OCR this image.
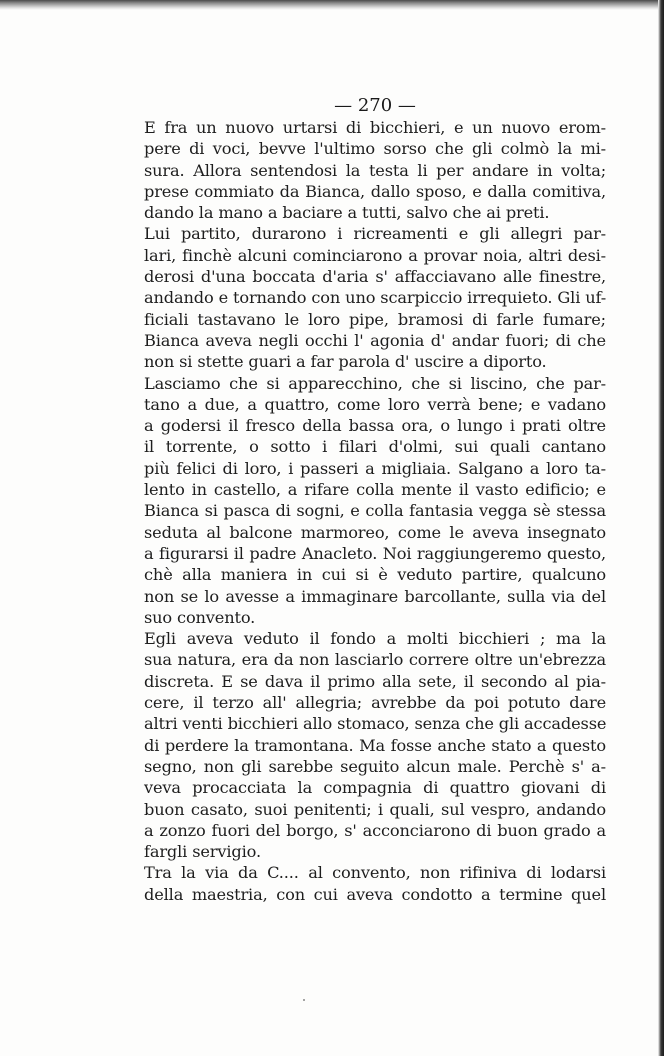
— 270 —

E fra un nuovo urtarsi di bicchieri, e un nuovo erom-
pere di voci, bevve l'ultimo sorso che gli colmò la mi-
sura. Allora sentendosi la testa li per andare in volta;
prese commiato da Bianca, dallo sposo, e dalla comitiva,
dando la mano a baciare a tutti, salvo che ai preti.
Lui partito, durarono i ricreamenti e gli allegri par-
lari, finchè alcuni cominciarono a provar noia, altri desi-
derosi d'una boccata d'aria s' affacciavano alle finestre,
andando e tornando con uno scarpiccio irrequieto. Gli uf-
ficiali tastavano le loro pipe, bramosi di farle fumare;
Bianca aveva negli occhi l' agonia d' andar fuori; di che
non si stette guari a far parola d' uscire a diporto.
Lasciamo che si apparecchino, che si liscino, che par-
tano a due, a quattro, come loro verrà bene; e vadano
a godersi il fresco della bassa ora, o lungo i prati oltre
il torrente, o sotto i filari d'olmi, sui quali cantano
più felici di loro, i passeri a migliaia. Salgano a loro ta-
lento in castello, a rifare colla mente il vasto edificio; e
Bianca si pasca di sogni, e colla fantasia vegga sè stessa
seduta al balcone marmoreo, come le aveva insegnato
a figurarsi il padre Anacleto. Noi raggiungeremo questo,
chè alla maniera in cui si è veduto partire, qualcuno
non se lo avesse a immaginare barcollante, sulla via del
suo convento.
Egli aveva veduto il fondo a molti bicchieri ; ma la
sua natura, era da non lasciarlo correre oltre un'ebrezza
discreta. E se dava il primo alla sete, il secondo al pia-
cere, il terzo all' allegria; avrebbe da poi potuto dare
altri venti bicchieri allo stomaco, senza che gli accadesse
di perdere la tramontana. Ma fosse anche stato a questo
segno, non gli sarebbe seguito alcun male. Perchè s' a-
veva procacciata la compagnia di quattro giovani di
buon casato, suoi penitenti; i quali, sul vespro, andando
a zonzo fuori del borgo, s' acconciarono di buon grado a
fargli servigio.
Tra la via da C.... al convento, non rifiniva di lodarsi
della maestria, con cui aveva condotto a termine quel
